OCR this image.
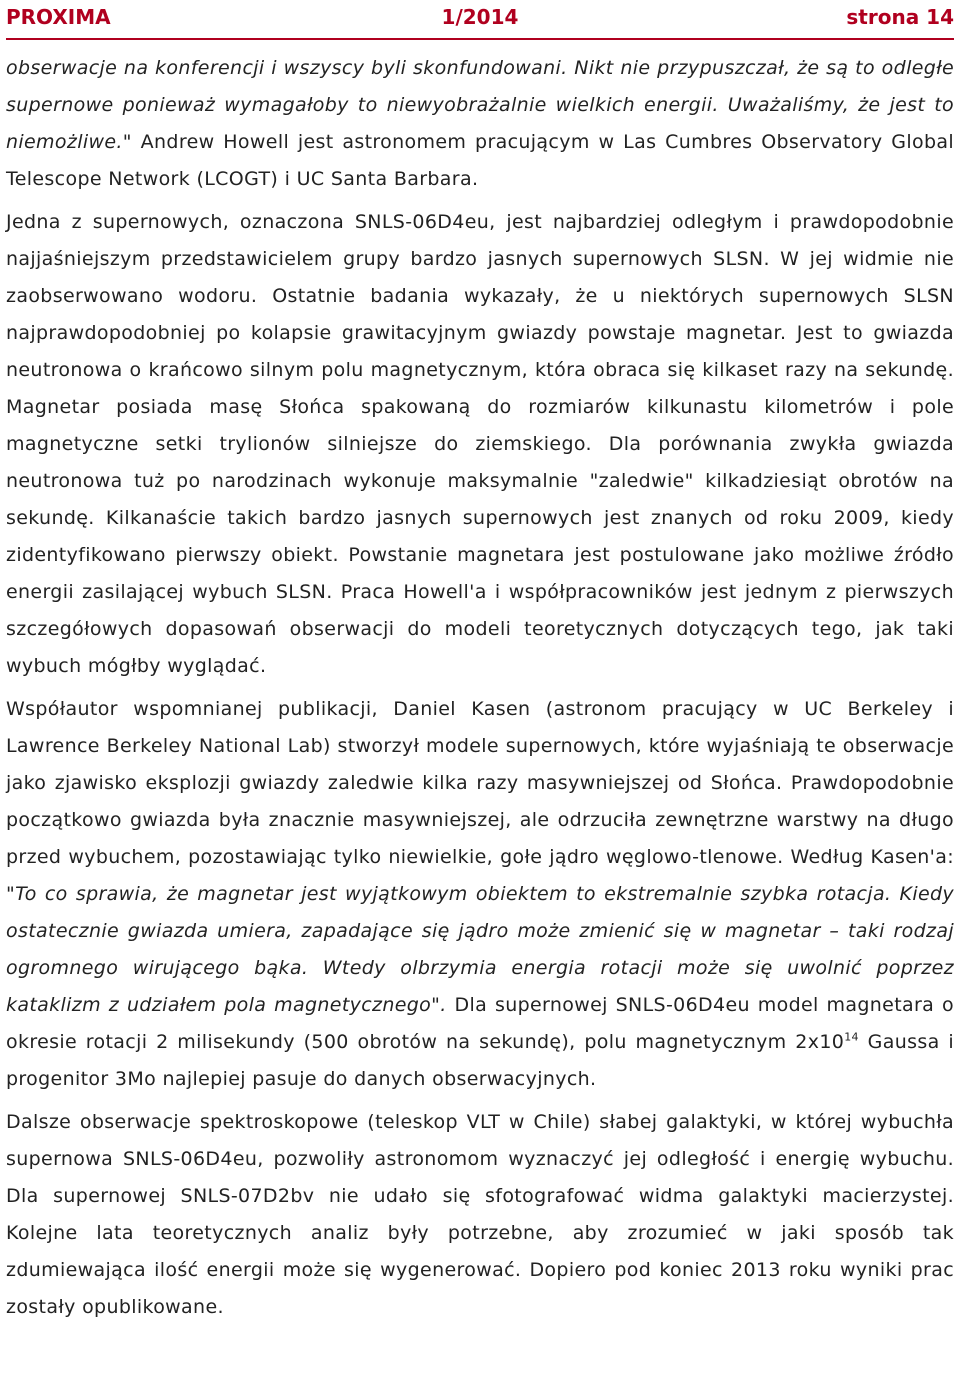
PROXIMA	1/2014	strona 14

obserwacje na konferencji i wszyscy byli skonfundowani. Nikt nie przypuszczał, że są to odległe supernowe ponieważ wymagałoby to niewyobrażalnie wielkich energii. Uważaliśmy, że jest to niemożliwe." Andrew Howell jest astronomem pracującym w Las Cumbres Observatory Global Telescope Network (LCOGT) i UC Santa Barbara.

Jedna z supernowych, oznaczona SNLS-06D4eu, jest najbardziej odległym i prawdopodobnie najjaśniejszym przedstawicielem grupy bardzo jasnych supernowych SLSN. W jej widmie nie zaobserwowano wodoru. Ostatnie badania wykazały, że u niektórych supernowych SLSN najprawdopodobniej po kolapsie grawitacyjnym gwiazdy powstaje magnetar. Jest to gwiazda neutronowa o krańcowo silnym polu magnetycznym, która obraca się kilkaset razy na sekundę. Magnetar posiada masę Słońca spakowaną do rozmiarów kilkunastu kilometrów i pole magnetyczne setki trylionów silniejsze do ziemskiego. Dla porównania zwykła gwiazda neutronowa tuż po narodzinach wykonuje maksymalnie "zaledwie" kilkadziesiąt obrotów na sekundę. Kilkanaście takich bardzo jasnych supernowych jest znanych od roku 2009, kiedy zidentyfikowano pierwszy obiekt. Powstanie magnetara jest postulowane jako możliwe źródło energii zasilającej wybuch SLSN. Praca Howell'a i współpracowników jest jednym z pierwszych szczegółowych dopasowań obserwacji do modeli teoretycznych dotyczących tego, jak taki wybuch mógłby wyglądać.

Współautor wspomnianej publikacji, Daniel Kasen (astronom pracujący w UC Berkeley i Lawrence Berkeley National Lab) stworzył modele supernowych, które wyjaśniają te obserwacje jako zjawisko eksplozji gwiazdy zaledwie kilka razy masywniejszej od Słońca. Prawdopodobnie początkowo gwiazda była znacznie masywniejszej, ale odrzuciła zewnętrzne warstwy na długo przed wybuchem, pozostawiając tylko niewielkie, gołe jądro węglowo-tlenowe. Według Kasen'a: "To co sprawia, że magnetar jest wyjątkowym obiektem to ekstremalnie szybka rotacja. Kiedy ostatecznie gwiazda umiera, zapadające się jądro może zmienić się w magnetar – taki rodzaj ogromnego wirującego bąka. Wtedy olbrzymia energia rotacji może się uwolnić poprzez kataklizm z udziałem pola magnetycznego". Dla supernowej SNLS-06D4eu model magnetara o okresie rotacji 2 milisekundy (500 obrotów na sekundę), polu magnetycznym $2x10^{14}$ Gaussa i progenitor 3Mo najlepiej pasuje do danych obserwacyjnych.

Dalsze obserwacje spektroskopowe (teleskop VLT w Chile) słabej galaktyki, w której wybuchła supernowa SNLS-06D4eu, pozwoliły astronomom wyznaczyć jej odległość i energię wybuchu. Dla supernowej SNLS-07D2bv nie udało się sfotografować widma galaktyki macierzystej. Kolejne lata teoretycznych analiz były potrzebne, aby zrozumieć w jaki sposób tak zdumiewająca ilość energii może się wygenerować. Dopiero pod koniec 2013 roku wyniki prac zostały opublikowane.
